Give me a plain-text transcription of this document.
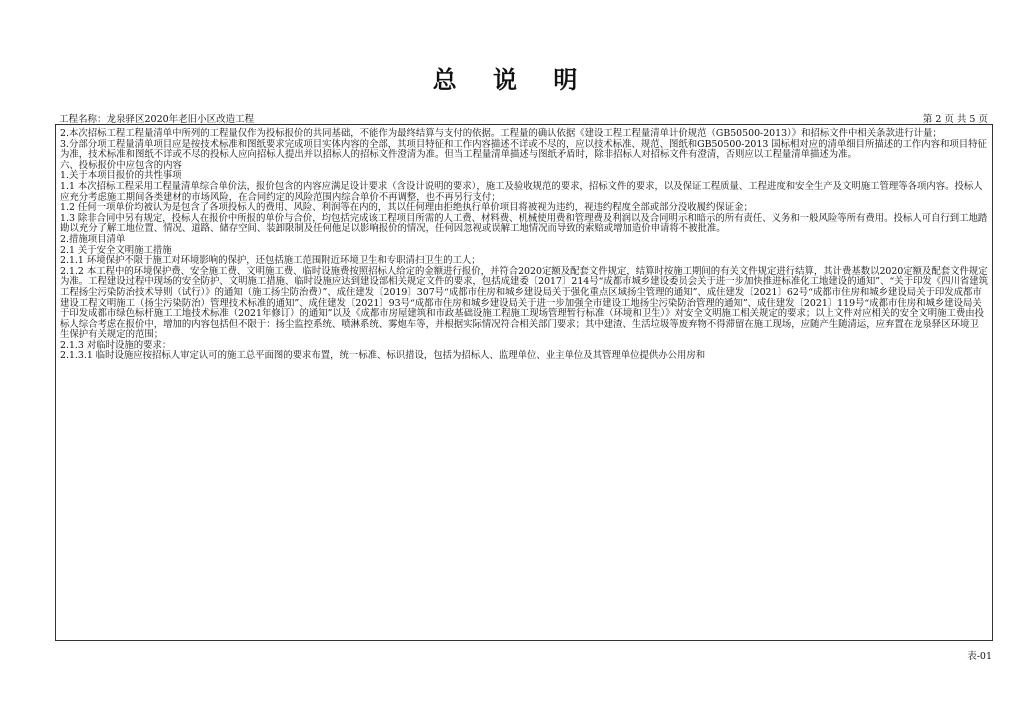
总 说 明
工程名称：龙泉驿区2020年老旧小区改造工程	第 2 页 共 5 页

2.本次招标工程工程量清单中所列的工程量仅作为投标报价的共同基础，不能作为最终结算与支付的依据。工程量的确认依据《建设工程工程量清单计价规范（GB50500-2013）》和招标文件中相关条款进行计量；

3.分部分项工程量清单项目应是按技术标准和图纸要求完成项目实体内容的全部，其项目特征和工作内容描述不详或不尽的，应以技术标准、规范、图纸和GB50500-2013 国标相对应的清单细目所描述的工作内容和项目特征为准，技术标准和图纸不详或不尽的投标人应向招标人提出并以招标人的招标文件澄清为准。但当工程量清单描述与图纸矛盾时，除非招标人对招标文件有澄清，否则应以工程量清单描述为准。

六、投标报价中应包含的内容

1.关于本项目报价的共性事项

1.1 本次招标工程采用工程量清单综合单价法，报价包含的内容应满足设计要求（含设计说明的要求），施工及验收规范的要求，招标文件的要求，以及保证工程质量、工程进度和安全生产及文明施工管理等各项内容。投标人应充分考虑施工期间各类建材的市场风险，在合同约定的风险范围内综合单价不再调整，也不再另行支付；

1.2 任何一项单价均被认为是包含了各项投标人的费用、风险、利润等在内的，其以任何理由拒绝执行单价项目将被视为违约，视违约程度全部或部分没收履约保证金；

1.3 除非合同中另有规定，投标人在报价中所报的单价与合价，均包括完成该工程项目所需的人工费、材料费、机械使用费和管理费及利润以及合同明示和暗示的所有责任、义务和一般风险等所有费用。投标人可自行到工地踏勘以充分了解工地位置、情况、道路、储存空间、装卸限制及任何他足以影响报价的情况，任何因忽视或误解工地情况而导致的索赔或增加造价申请将不被批准。

2.措施项目清单

2.1 关于安全文明施工措施

2.1.1 环境保护不限于施工对环境影响的保护，还包括施工范围附近环境卫生和专职清扫卫生的工人；

2.1.2 本工程中的环境保护费、安全施工费、文明施工费、临时设施费按照招标人给定的金额进行报价，并符合2020定额及配套文件规定，结算时按施工期间的有关文件规定进行结算，其计费基数以2020定额及配套文件规定为准。工程建设过程中现场的安全防护、文明施工措施、临时设施应达到建设部相关规定文件的要求，包括成建委〔2017〕214号“成都市城乡建设委员会关于进一步加快推进标准化工地建设的通知”、“关于印发《四川省建筑工程扬尘污染防治技术导则（试行）》的通知（施工扬尘防治费）”、成住建发〔2019〕307号“成都市住房和城乡建设局关于强化重点区域扬尘管理的通知”、成住建发〔2021〕62号“成都市住房和城乡建设局关于印发成都市建设工程文明施工（扬尘污染防治）管理技术标准的通知”、成住建发〔2021〕93号“成都市住房和城乡建设局关于进一步加强全市建设工地扬尘污染防治管理的通知”、成住建发〔2021〕119号“成都市住房和城乡建设局关于印发成都市绿色标杆施工工地技术标准（2021年修订）的通知”以及《成都市房屋建筑和市政基础设施工程施工现场管理暂行标准（环境和卫生）》对安全文明施工相关规定的要求；以上文件对应相关的安全文明施工费由投标人综合考虑在报价中，增加的内容包括但不限于：扬尘监控系统、喷淋系统、雾炮车等，并根据实际情况符合相关部门要求；其中建渣、生活垃圾等废弃物不得滞留在施工现场，应随产生随清运，应弃置在龙泉驿区环境卫生保护有关规定的范围；

2.1.3 对临时设施的要求：

2.1.3.1 临时设施应按招标人审定认可的施工总平面图的要求布置，统一标准、标识措设，包括为招标人、监理单位、业主单位及其管理单位提供办公用房和

表-01
